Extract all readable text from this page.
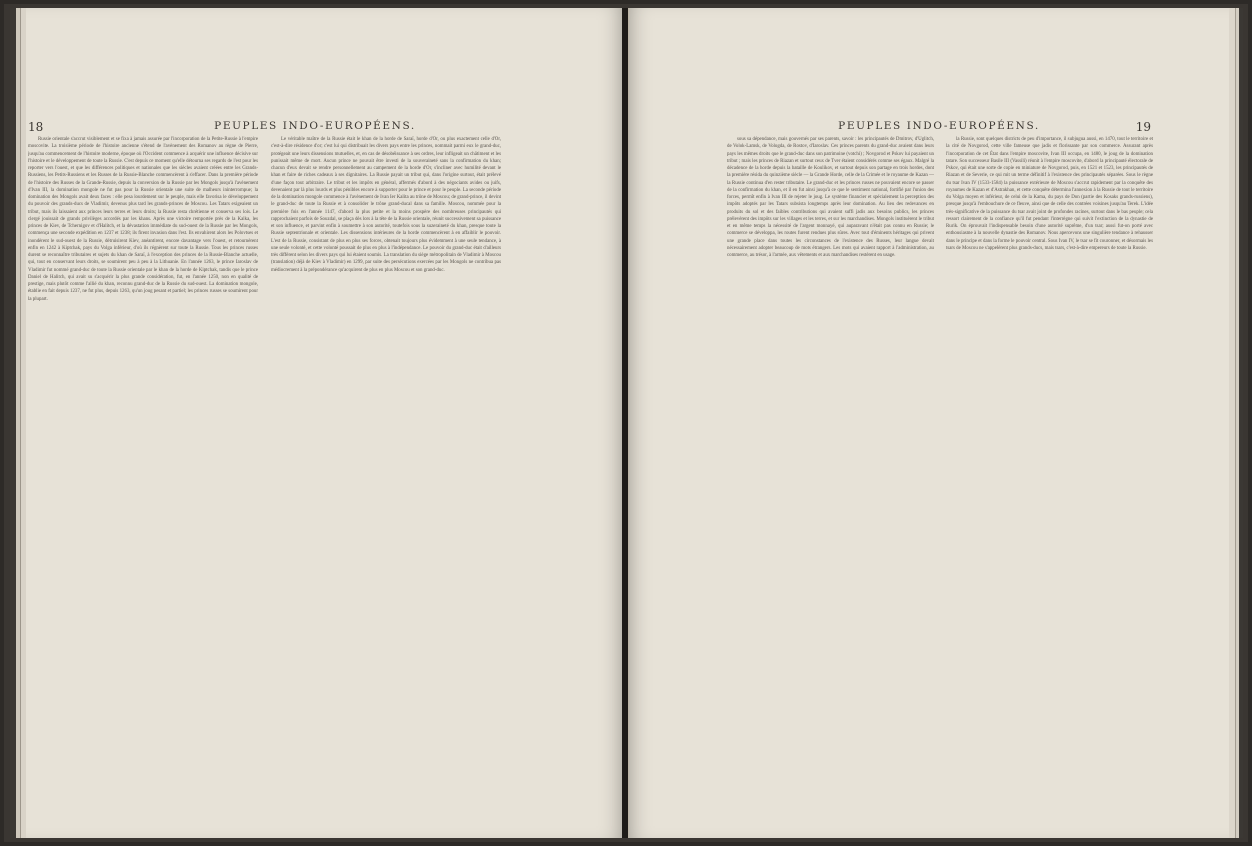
18	PEUPLES INDO-EUROPÉENS.

Russie orientale s'accrut visiblement et se fixa à jamais assurée par l'incorporation de la Petite-Russie à l'empire moscovite. La troisième période de l'histoire ancienne s'étend de l'avènement des Romanov au règne de Pierre, jusqu'au commencement de l'histoire moderne, époque où l'Occident commence à acquérir une influence décisive sur l'histoire et le développement de toute la Russie. C'est depuis ce moment qu'elle détourna ses regards de l'est pour les reporter vers l'ouest, et que les différences politiques et nationales que les siècles avaient créées entre les Grands-Russiens, les Petits-Russiens et les Russes de la Russie-Blanche commencèrent à s'effacer. Dans la première période de l'histoire des Russes de la Grande-Russie, depuis la conversion de la Russie par les Mongols jusqu'à l'avènement d'Ivan III, la domination mongole ne fut pas pour la Russie orientale une suite de malheurs ininterrompue; la domination des Mongols avait deux faces : elle pesa lourdement sur le peuple, mais elle favorisa le développement du pouvoir des grands-ducs de Vladimir, devenus plus tard les grands-princes de Moscou. Les Tatars exigeaient un tribut, mais ils laissaient aux princes leurs terres et leurs droits; la Russie resta chrétienne et conserva ses lois. Le clergé jouissait de grands privilèges accordés par les khans. Après une victoire remportée près de la Kalka, les princes de Kiev, de Tchernigov et d'Halitch, et la dévastation immédiate du sud-ouest de la Russie par les Mongols, commença une seconde expédition en 1237 et 1238; ils firent invasion dans l'est. Ils envahirent alors les Polovtses et inondèrent le sud-ouest de la Russie, détruisirent Kiev, anéantirent, encore davantage vers l'ouest, et retournèrent enfin en 1242 à Kiptchak, pays du Volga inférieur, d'où ils régnèrent sur toute la Russie. Tous les princes russes durent se reconnaître tributaires et sujets du khan de Saraï, à l'exception des princes de la Russie-Blanche actuelle, qui, tout en conservant leurs droits, se soumirent peu à peu à la Lithuanie. En l'année 1263, le prince Iaroslav de Vladimir fut nommé grand-duc de toute la Russie orientale par le khan de la horde de Kiptchak, tandis que le prince Daniel de Halitch, qui avait su s'acquérir la plus grande considération, fut, en l'année 1250, non en qualité de prestige, mais plutôt comme l'allié du khan, reconnu grand-duc de la Russie du sud-ouest. La domination mongole, établie en fait depuis 1237, ne fut plus, depuis 1263, qu'un joug pesant et partiel; les princes russes se soumirent pour la plupart.

Le véritable maître de la Russie était le khan de la horde de Saraï, horde d'Or, ou plus exactement celle d'Or, c'est-à-dire résidence d'or; c'est lui qui distribuait les divers pays entre les princes, nommait parmi eux le grand-duc, protégeait une leurs dissensions mutuelles, et, en cas de désobéissance à ses ordres, leur infligeait un châtiment et les punissait même de mort. Aucun prince ne pouvait être investi de la souveraineté sans la confirmation du khan; chacun d'eux devait se rendre personnellement au campement de la horde d'Or, s'incliner avec humilité devant le khan et faire de riches cadeaux à ses dignitaires. La Russie payait un tribut qui, dans l'origine surtout, était prélevé d'une façon tout arbitraire. Le tribut et les impôts en général, affermés d'abord à des négociants avides ou juifs, devenaient par là plus lourds et plus pénibles encore à supporter pour le prince et pour le peuple. La seconde période de la domination mongole commence à l'avènement de Ivan Ier Kalita au trône de Moscou; de grand-prince, il devint le grand-duc de toute la Russie et à consolider le trône grand-ducal dans sa famille. Moscou, nommée pour la première fois en l'année 1147, d'abord la plus petite et la moins prospère des nombreuses principautés qui rapprochaient parfois de Souzdal, se plaça dès lors à la tête de la Russie orientale, réunit successivement sa puissance et son influence, et parvint enfin à soumettre à son autorité, toutefois sous la suzeraineté du khan, presque toute la Russie septentrionale et orientale. Les dissensions intérieures de la horde commencèrent à en affaiblir le pouvoir. L'est de la Russie, consistant de plus en plus ses forces, obtenait toujours plus évidemment à une seule tendance, à une seule volonté, et cette volonté poussait de plus en plus à l'indépendance. Le pouvoir du grand-duc était d'ailleurs très différent selon les divers pays qui lui étaient soumis. La translation du siège métropolitain de Vladimir à Moscou (translation) déjà de Kiev à Vladimir) en 1299, par suite des persécutions exercées par les Mongols ne contribua pas médiocrement à la prépondérance qu'acquirent de plus en plus Moscou et son grand-duc.

PEUPLES INDO-EUROPÉENS.	19

sous sa dépendance, mais gouvernés par ses parents, savoir : les principautés de Dmitrov, d'Uglitch, de Volok-Lamsk, de Vologda, de Rostov, d'Iaroslav. Ces princes parents du grand-duc avaient dans leurs pays les mêmes droits que le grand-duc dans son patrimoine (votchi) ; Novgorod et Pskov lui payaient un tribut ; mais les princes de Riazan et surtout ceux de Tver étaient considérés comme ses égaux. Malgré la décadence de la horde depuis la bataille de Koulikov, et surtout depuis son partage en trois hordes, dont la première résida du quinzième siècle — la Grande Horde, celle de la Crimée et le royaume de Kazan — la Russie continua d'en rester tributaire. Le grand-duc et les princes russes ne pouvaient encore se passer de la confirmation du khan, et il en fut ainsi jusqu'à ce que le sentiment national, fortifié par l'union des forces, permît enfin à Ivan III de rejeter le joug. Le système financier et spécialement la perception des impôts adoptés par les Tatars subsista longtemps après leur domination. Au lieu des redevances en produits du sol et des faibles contributions qui avaient suffi jadis aux besoins publics, les princes prélevèrent des impôts sur les villages et les terres, et sur les marchandises. Mongols instituèrent le tribut et en même temps la nécessité de l'argent monnayé, qui auparavant n'était pas connu en Russie; le commerce se développa, les routes furent rendues plus sûres. Avec tout d'éminents héritages qui privent une grande place dans toutes les circonstances de l'existence des Russes, leur langue devait nécessairement adopter beaucoup de mots étrangers. Les mots qui avaient rapport à l'administration, au commerce, au trésor, à l'armée, aux vêtements et aux marchandises restèrent en usage.

la Russie, sont quelques districts de peu d'importance, il subjugua aussi, en 1470, tout le territoire et la cité de Novgorod, cette ville fameuse que jadis et florissante par son commerce. Assurant après l'incorporation de cet État dans l'empire moscovite, Ivan III occupa, en 1480, le joug de la domination tatare. Son successeur Basile III (Vassili) réunit à l'empire moscovite, d'abord la principauté électorale de Pskov, qui était une sorte de copie en miniature de Novgorod, puis, en 1521 et 1523, les principautés de Riazan et de Severie, ce qui mit un terme définitif à l'existence des principautés séparées. Sous le règne du tsar Ivan IV (1533-1584) la puissance extérieure de Moscou s'accrut rapidement par la conquête des royaumes de Kazan et d'Astrakhan, et cette conquête détermina l'annexion à la Russie de tout le territoire du Volga moyen et inférieur, de celui de la Kama, du pays de Don (partie des Kosaks grands-russiens), presque jusqu'à l'embouchure de ce fleuve, ainsi que de celle des contrées voisines jusqu'au Terek. L'idée très-significative de la puissance du tsar avait joint de profondes racines, surtout dans le bas peuple; cela ressort clairement de la confiance qu'il fut pendant l'interrègne qui suivit l'extinction de la dynastie de Rurik. On éprouvait l'indispensable besoin d'une autorité suprême, d'un tsar; aussi fut-on porté avec enthousiasme à la nouvelle dynastie des Romanov. Nous apercevons une singulière tendance à rehausser dans le principe et dans la forme le pouvoir central. Sous Ivan IV, le tsar se fit couronner, et désormais les tsars de Moscou ne s'appelèrent plus grands-ducs, mais tsars, c'est-à-dire empereurs de toute la Russie.
